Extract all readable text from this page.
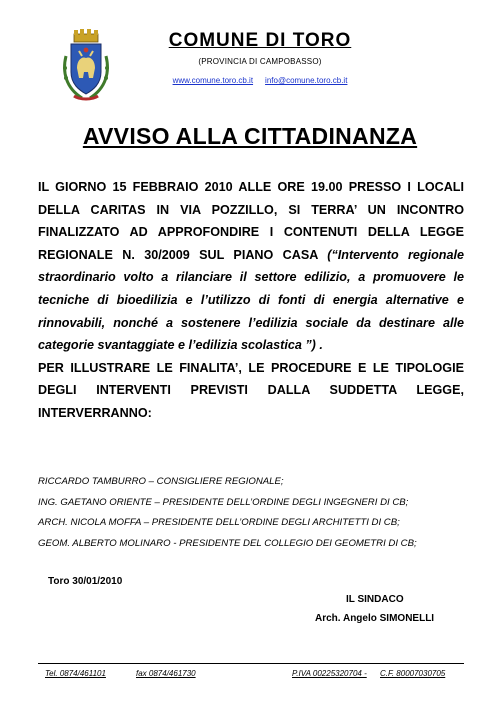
COMUNE DI TORO
(PROVINCIA DI CAMPOBASSO)
www.comune.toro.cb.it info@comune.toro.cb.it
AVVISO ALLA CITTADINANZA

IL GIORNO 15 FEBBRAIO 2010 ALLE ORE 19.00 PRESSO I LOCALI DELLA CARITAS IN VIA POZZILLO, SI TERRA’ UN INCONTRO FINALIZZATO AD APPROFONDIRE I CONTENUTI DELLA LEGGE REGIONALE N. 30/2009 SUL PIANO CASA (“Intervento regionale straordinario volto a rilanciare il settore edilizio, a promuovere le tecniche di bioedilizia e l’utilizzo di fonti di energia alternative e rinnovabili, nonché a sostenere l’edilizia sociale da destinare alle categorie svantaggiate e l’edilizia scolastica ”) .

PER ILLUSTRARE LE FINALITA’, LE PROCEDURE E LE TIPOLOGIE DEGLI INTERVENTI PREVISTI DALLA SUDDETTA LEGGE, INTERVERRANNO:

RICCARDO TAMBURRO – CONSIGLIERE REGIONALE;
ING. GAETANO ORIENTE – PRESIDENTE DELL’ORDINE DEGLI INGEGNERI DI CB;
ARCH. NICOLA MOFFA – PRESIDENTE DELL’ORDINE DEGLI ARCHITETTI DI CB;
GEOM. ALBERTO MOLINARO - PRESIDENTE DEL COLLEGIO DEI GEOMETRI DI CB;
Toro 30/01/2010
IL SINDACO
Arch. Angelo SIMONELLI
Tel. 0874/461101	fax 0874/461730	P.IVA 00225320704 - C.F. 80007030705
